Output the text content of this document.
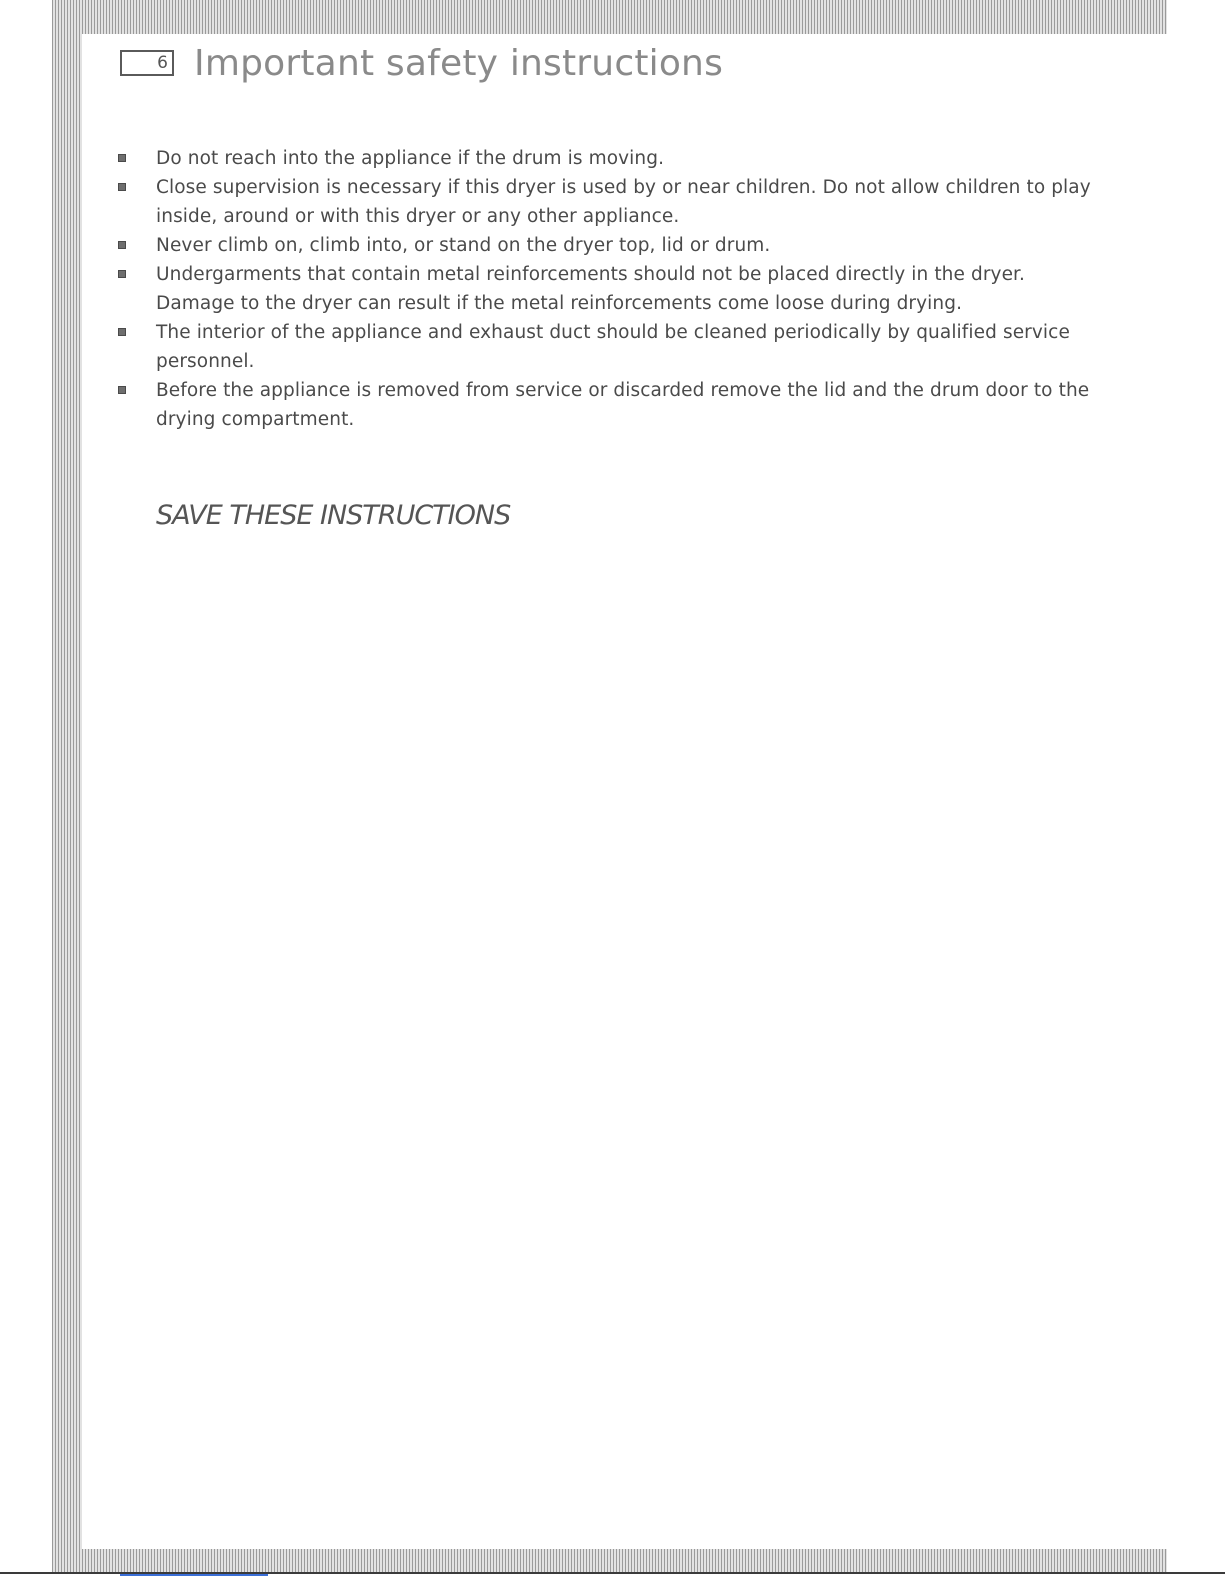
6 Important safety instructions
Do not reach into the appliance if the drum is moving.
Close supervision is necessary if this dryer is used by or near children. Do not allow children to play inside, around or with this dryer or any other appliance.
Never climb on, climb into, or stand on the dryer top, lid or drum.
Undergarments that contain metal reinforcements should not be placed directly in the dryer. Damage to the dryer can result if the metal reinforcements come loose during drying.
The interior of the appliance and exhaust duct should be cleaned periodically by qualified service personnel.
Before the appliance is removed from service or discarded remove the lid and the drum door to the drying compartment.

SAVE THESE INSTRUCTIONS
